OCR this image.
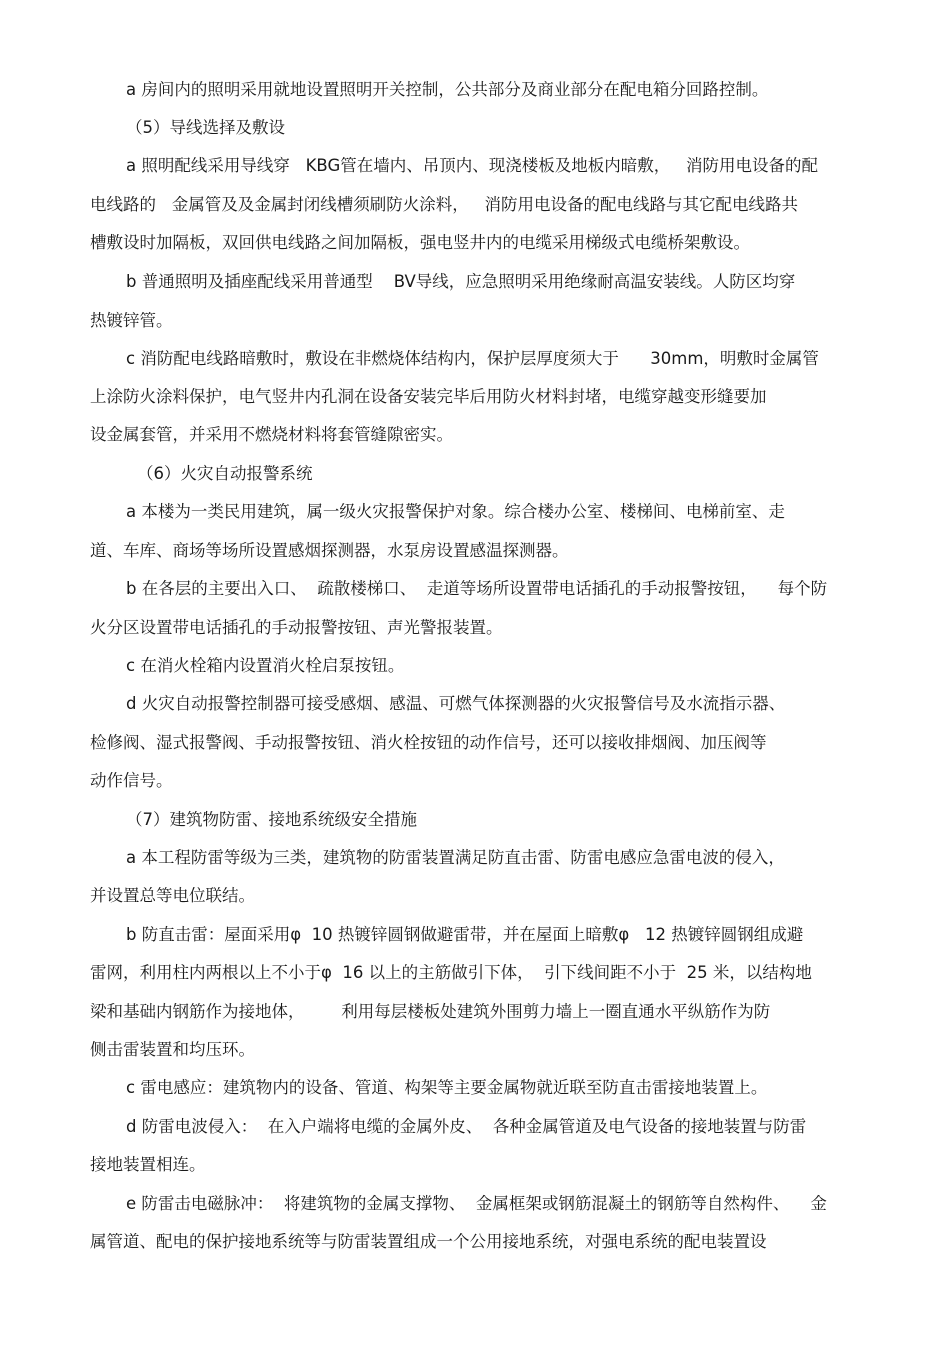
a 房间内的照明采用就地设置照明开关控制，公共部分及商业部分在配电箱分回路控制。
（5）导线选择及敷设
a 照明配线采用导线穿   KBG管在墙内、吊顶内、现浇楼板及地板内暗敷，   消防用电设备的配
电线路的   金属管及及金属封闭线槽须刷防火涂料，   消防用电设备的配电线路与其它配电线路共
槽敷设时加隔板，双回供电线路之间加隔板，强电竖井内的电缆采用梯级式电缆桥架敷设。
b 普通照明及插座配线采用普通型    BV导线，应急照明采用绝缘耐高温安装线。人防区均穿
热镀锌管。
c 消防配电线路暗敷时，敷设在非燃烧体结构内，保护层厚度须大于      30mm，明敷时金属管
上涂防火涂料保护，电气竖井内孔洞在设备安装完毕后用防火材料封堵，电缆穿越变形缝要加
设金属套管，并采用不燃烧材料将套管缝隙密实。
（6）火灾自动报警系统
a 本楼为一类民用建筑，属一级火灾报警保护对象。综合楼办公室、楼梯间、电梯前室、走
道、车库、商场等场所设置感烟探测器，水泵房设置感温探测器。
b 在各层的主要出入口、  疏散楼梯口、  走道等场所设置带电话插孔的手动报警按钮，    每个防
火分区设置带电话插孔的手动报警按钮、声光警报装置。
c 在消火栓箱内设置消火栓启泵按钮。
d 火灾自动报警控制器可接受感烟、感温、可燃气体探测器的火灾报警信号及水流指示器、
检修阀、湿式报警阀、手动报警按钮、消火栓按钮的动作信号，还可以接收排烟阀、加压阀等
动作信号。
（7）建筑物防雷、接地系统级安全措施
a 本工程防雷等级为三类，建筑物的防雷装置满足防直击雷、防雷电感应急雷电波的侵入，
并设置总等电位联结。
b 防直击雷：屋面采用φ  10 热镀锌圆钢做避雷带，并在屋面上暗敷φ   12 热镀锌圆钢组成避
雷网，利用柱内两根以上不小于φ  16 以上的主筋做引下体，  引下线间距不小于  25 米，以结构地
梁和基础内钢筋作为接地体，       利用每层楼板处建筑外围剪力墙上一圈直通水平纵筋作为防
侧击雷装置和均压环。
c 雷电感应：建筑物内的设备、管道、构架等主要金属物就近联至防直击雷接地装置上。
d 防雷电波侵入：  在入户端将电缆的金属外皮、  各种金属管道及电气设备的接地装置与防雷
接地装置相连。
e 防雷击电磁脉冲：  将建筑物的金属支撑物、  金属框架或钢筋混凝土的钢筋等自然构件、    金
属管道、配电的保护接地系统等与防雷装置组成一个公用接地系统，对强电系统的配电装置设
